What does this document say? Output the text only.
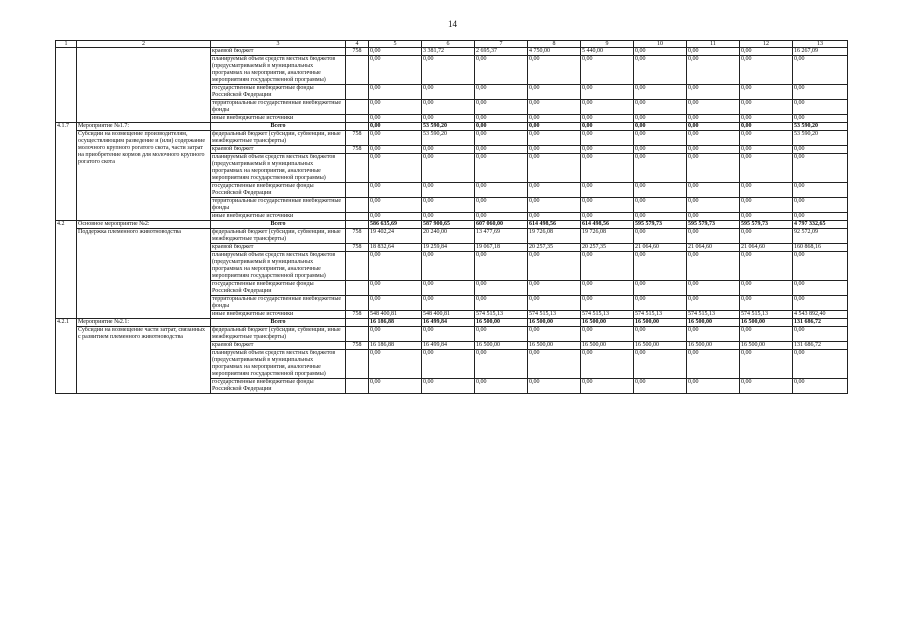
14
1	2	3	4	5	6	7	8	9	10	11	12	13
		краевой бюджет	758	0,00	3 381,72	2 695,37	4 750,00	5 440,00	0,00	0,00	0,00	16 267,09
		планируемый объем средств местных бюджетов (предусматриваемый в муниципальных программах на мероприятия, аналогичные мероприятиям государственной программы)		0,00	0,00	0,00	0,00	0,00	0,00	0,00	0,00	0,00
		государственные внебюджетные фонды Российской Федерации		0,00	0,00	0,00	0,00	0,00	0,00	0,00	0,00	0,00
		территориальные государственные внебюджетные фонды		0,00	0,00	0,00	0,00	0,00	0,00	0,00	0,00	0,00
		иные внебюджетные источники		0,00	0,00	0,00	0,00	0,00	0,00	0,00	0,00	0,00
4.1.7	Мероприятие №1.7:	Всего		0,00	53 590,20	0,00	0,00	0,00	0,00	0,00	0,00	53 590,20
	Субсидии на возмещение производителям, осуществляющим разведение и (или) содержание молочного крупного рогатого скота, части затрат на приобретение кормов для молочного крупного рогатого скота	федеральный бюджет (субсидии, субвенции, иные межбюджетные трансферты)	758	0,00	53 590,20	0,00	0,00	0,00	0,00	0,00	0,00	53 590,20
		краевой бюджет	758	0,00	0,00	0,00	0,00	0,00	0,00	0,00	0,00	0,00
		планируемый объем средств местных бюджетов (предусматриваемый в муниципальных программах на мероприятия, аналогичные мероприятиям государственной программы)		0,00	0,00	0,00	0,00	0,00	0,00	0,00	0,00	0,00
		государственные внебюджетные фонды Российской Федерации		0,00	0,00	0,00	0,00	0,00	0,00	0,00	0,00	0,00
		территориальные государственные внебюджетные фонды		0,00	0,00	0,00	0,00	0,00	0,00	0,00	0,00	0,00
		иные внебюджетные источники		0,00	0,00	0,00	0,00	0,00	0,00	0,00	0,00	0,00
4.2	Основное мероприятие №2:	Всего		586 635,69	587 900,65	607 060,00	614 498,56	614 498,56	595 579,73	595 579,73	595 579,73	4 797 332,65
	Поддержка племенного животноводства	федеральный бюджет (субсидии, субвенции, иные межбюджетные трансферты)	758	19 402,24	20 240,00	13 477,69	19 726,08	19 726,08	0,00	0,00	0,00	92 572,09
		краевой бюджет	758	18 832,64	19 259,84	19 067,18	20 257,35	20 257,35	21 064,60	21 064,60	21 064,60	160 868,16
		планируемый объем средств местных бюджетов (предусматриваемый в муниципальных программах на мероприятия, аналогичные мероприятиям государственной программы)		0,00	0,00	0,00	0,00	0,00	0,00	0,00	0,00	0,00
		государственные внебюджетные фонды Российской Федерации		0,00	0,00	0,00	0,00	0,00	0,00	0,00	0,00	0,00
		территориальные государственные внебюджетные фонды		0,00	0,00	0,00	0,00	0,00	0,00	0,00	0,00	0,00
		иные внебюджетные источники	758	548 400,81	548 400,81	574 515,13	574 515,13	574 515,13	574 515,13	574 515,13	574 515,13	4 543 892,40
4.2.1	Мероприятие №2.1:	Всего		16 186,88	16 499,84	16 500,00	16 500,00	16 500,00	16 500,00	16 500,00	16 500,00	131 686,72
	Субсидии на возмещение части затрат, связанных с развитием племенного животноводства	федеральный бюджет (субсидии, субвенции, иные межбюджетные трансферты)		0,00	0,00	0,00	0,00	0,00	0,00	0,00	0,00	0,00
		краевой бюджет	758	16 186,88	16 499,84	16 500,00	16 500,00	16 500,00	16 500,00	16 500,00	16 500,00	131 686,72
		планируемый объем средств местных бюджетов (предусматриваемый в муниципальных программах на мероприятия, аналогичные мероприятиям государственной программы)		0,00	0,00	0,00	0,00	0,00	0,00	0,00	0,00	0,00
		государственные внебюджетные фонды Российской Федерации		0,00	0,00	0,00	0,00	0,00	0,00	0,00	0,00	0,00
